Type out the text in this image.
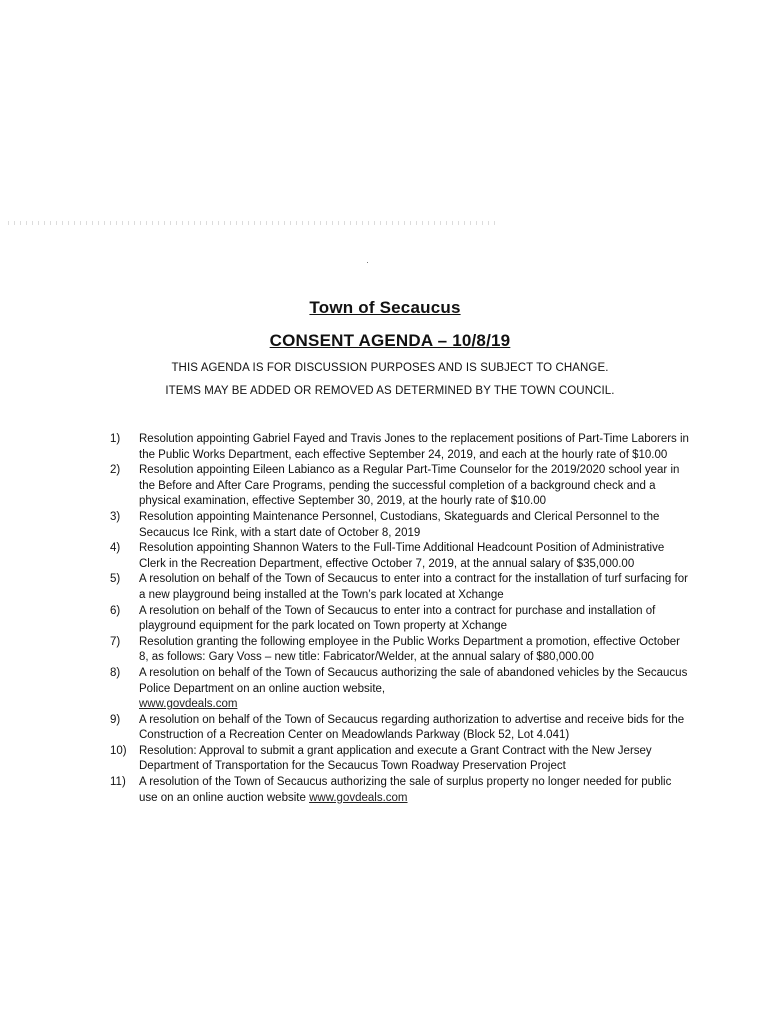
Town of Secaucus
CONSENT AGENDA – 10/8/19
THIS AGENDA IS FOR DISCUSSION PURPOSES AND IS SUBJECT TO CHANGE.
ITEMS MAY BE ADDED OR REMOVED AS DETERMINED BY THE TOWN COUNCIL.
1) Resolution appointing Gabriel Fayed and Travis Jones to the replacement positions of Part-Time Laborers in the Public Works Department, each effective September 24, 2019, and each at the hourly rate of $10.00
2) Resolution appointing Eileen Labianco as a Regular Part-Time Counselor for the 2019/2020 school year in the Before and After Care Programs, pending the successful completion of a background check and a physical examination, effective September 30, 2019, at the hourly rate of $10.00
3) Resolution appointing Maintenance Personnel, Custodians, Skateguards and Clerical Personnel to the Secaucus Ice Rink, with a start date of October 8, 2019
4) Resolution appointing Shannon Waters to the Full-Time Additional Headcount Position of Administrative Clerk in the Recreation Department, effective October 7, 2019, at the annual salary of $35,000.00
5) A resolution on behalf of the Town of Secaucus to enter into a contract for the installation of turf surfacing for a new playground being installed at the Town’s park located at Xchange
6) A resolution on behalf of the Town of Secaucus to enter into a contract for purchase and installation of playground equipment for the park located on Town property at Xchange
7) Resolution granting the following employee in the Public Works Department a promotion, effective October 8, as follows: Gary Voss – new title: Fabricator/Welder, at the annual salary of $80,000.00
8) A resolution on behalf of the Town of Secaucus authorizing the sale of abandoned vehicles by the Secaucus Police Department on an online auction website,
www.govdeals.com
9) A resolution on behalf of the Town of Secaucus regarding authorization to advertise and receive bids for the Construction of a Recreation Center on Meadowlands Parkway (Block 52, Lot 4.041)
10) Resolution: Approval to submit a grant application and execute a Grant Contract with the New Jersey Department of Transportation for the Secaucus Town Roadway Preservation Project
11) A resolution of the Town of Secaucus authorizing the sale of surplus property no longer needed for public use on an online auction website www.govdeals.com
